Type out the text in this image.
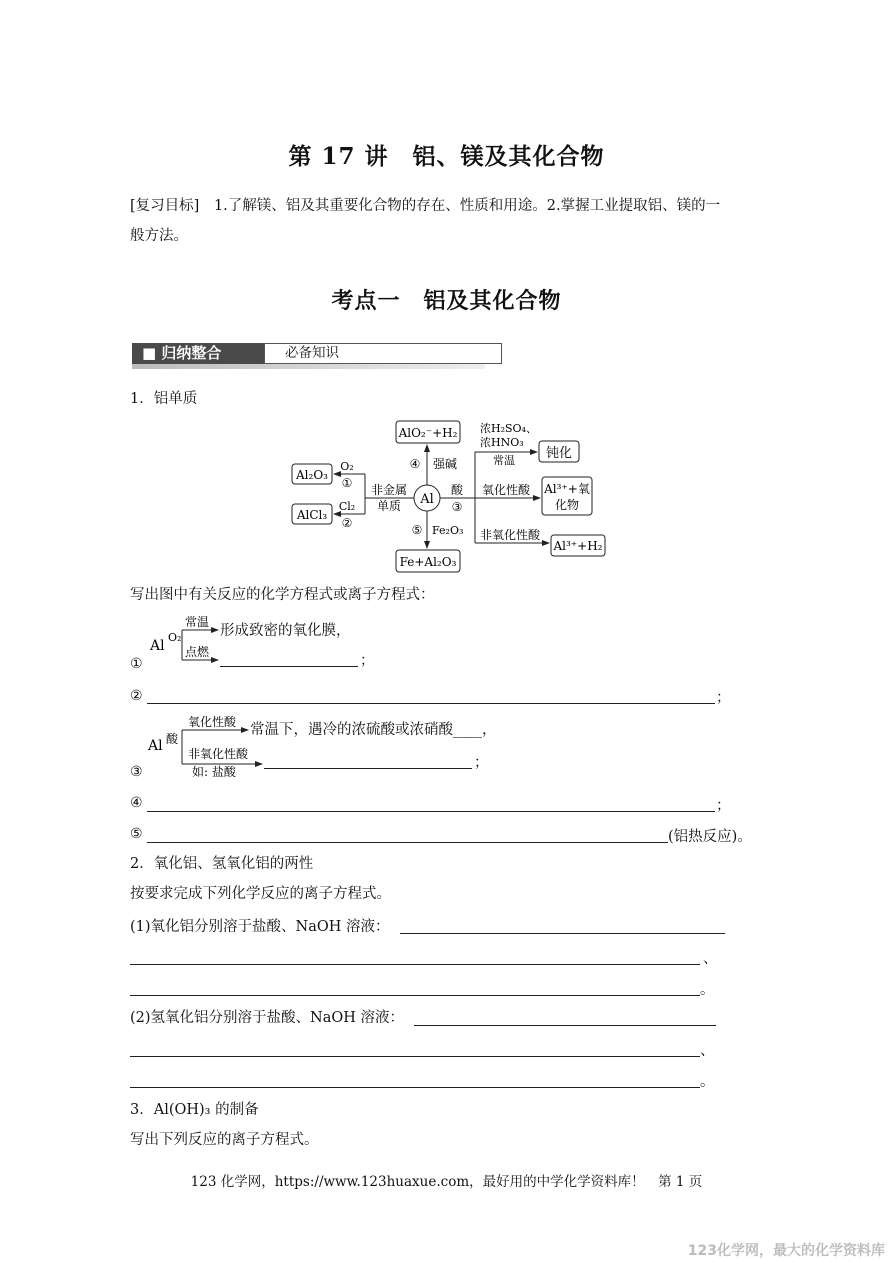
第 17 讲　铝、镁及其化合物
[复习目标] 1.了解镁、铝及其重要化合物的存在、性质和用途。2.掌握工业提取铝、镁的一
般方法。
考点一　铝及其化合物
■ 归纳整合	必备知识
1．铝单质
Al
AlO₂⁻+H₂
④ 强碱
Fe+Al₂O₃
⑤ Fe₂O₃
Al₂O₃
AlCl₃
O₂
①
Cl₂
②
非金属
单质
酸
③
浓H₂SO₄、
浓HNO₃
常温 钝化
氧化性酸 Al³⁺+氧
化物
非氧化性酸
Al³⁺+H₂
写出图中有关反应的化学方程式或离子方程式：
Al
O₂
常温
点燃
形成致密的氧化膜，
；
①
②	；
Al 酸
氧化性酸
非氧化性酸
如: 盐酸
常温下，遇冷的浓硫酸或浓硝酸____，
；
③
④	；
⑤	(铝热反应)。
2．氧化铝、氢氧化铝的两性
按要求完成下列化学反应的离子方程式。
(1)氧化铝分别溶于盐酸、NaOH 溶液：
、
。
(2)氢氧化铝分别溶于盐酸、NaOH 溶液：
、
。
3．Al(OH)₃ 的制备
写出下列反应的离子方程式。
123 化学网，https://www.123huaxue.com，最好用的中学化学资料库！　第 1 页
123化学网，最大的化学资料库
